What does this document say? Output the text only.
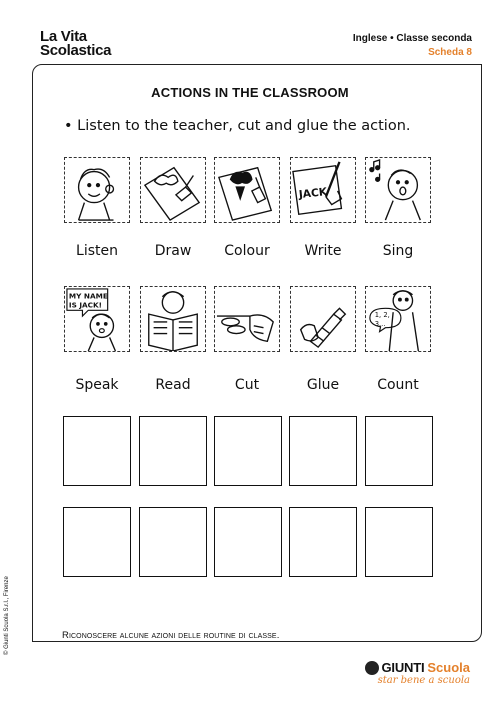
La Vita
Scolastica
Inglese • Classe seconda
Scheda 8
ACTIONS IN THE CLASSROOM
• Listen to the teacher, cut and glue the action.
JACK
Listen	Draw	Colour	Write	Sing
MY NAME
IS JACK!
1, 2,
3...
Speak	Read	Cut	Glue	Count
Riconoscere alcune azioni delle routine di classe.
© Giunti Scuola S.r.l., Firenze
GIUNTI Scuola
star bene a scuola
